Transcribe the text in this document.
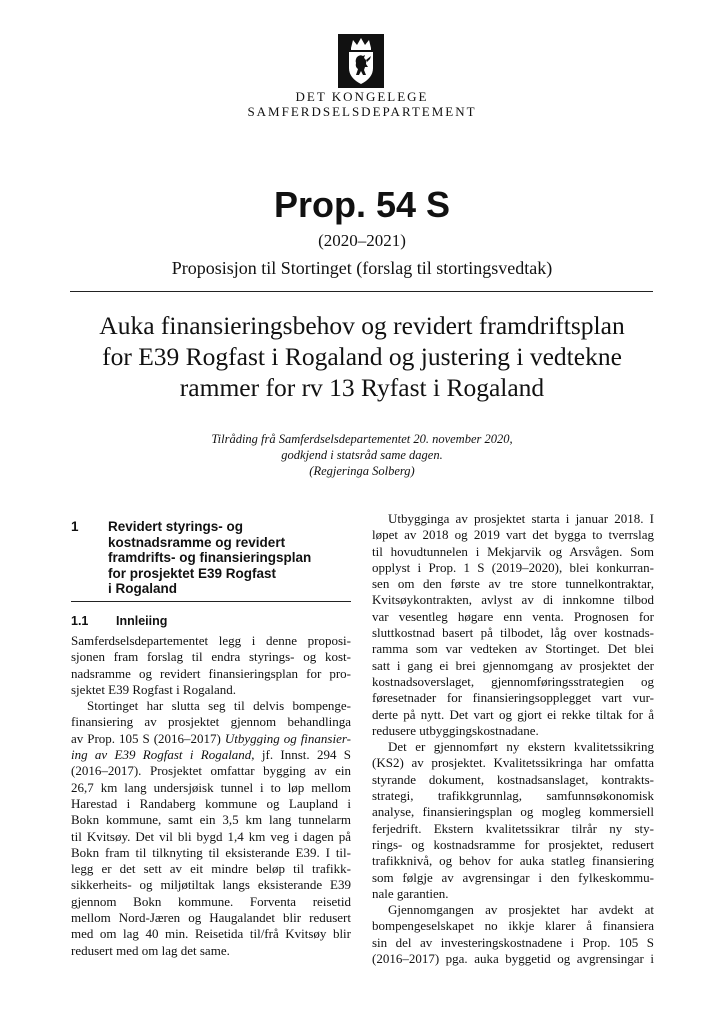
DET KONGELEGE
SAMFERDSELSDEPARTEMENT
Prop. 54 S
(2020–2021)
Proposisjon til Stortinget (forslag til stortingsvedtak)
Auka finansieringsbehov og revidert framdriftsplan
for E39 Rogfast i Rogaland og justering i vedtekne
rammer for rv 13 Ryfast i Rogaland
Tilråding frå Samferdselsdepartementet 20. november 2020,
godkjend i statsråd same dagen.
(Regjeringa Solberg)
1 Revidert styrings- og
kostnadsramme og revidert
framdrifts- og finansieringsplan
for prosjektet E39 Rogfast
i Rogaland
1.1 Innleiing
Samferdselsdepartementet legg i denne proposi-
sjonen fram forslag til endra styrings- og kost-
nadsramme og revidert finansieringsplan for pro-
sjektet E39 Rogfast i Rogaland.
Stortinget har slutta seg til delvis bompenge-
finansiering av prosjektet gjennom behandlinga
av Prop. 105 S (2016–2017) Utbygging og finansier-
ing av E39 Rogfast i Rogaland, jf. Innst. 294 S
(2016–2017). Prosjektet omfattar bygging av ein
26,7 km lang undersjøisk tunnel i to løp mellom
Harestad i Randaberg kommune og Laupland i
Bokn kommune, samt ein 3,5 km lang tunnelarm
til Kvitsøy. Det vil bli bygd 1,4 km veg i dagen på
Bokn fram til tilknyting til eksisterande E39. I til-
legg er det sett av eit mindre beløp til trafikk-
sikkerheits- og miljøtiltak langs eksisterande E39
gjennom Bokn kommune. Forventa reisetid
mellom Nord-Jæren og Haugalandet blir redusert
med om lag 40 min. Reisetida til/frå Kvitsøy blir
redusert med om lag det same.
Utbygginga av prosjektet starta i januar 2018. I
løpet av 2018 og 2019 vart det bygga to tverrslag
til hovudtunnelen i Mekjarvik og Arsvågen. Som
opplyst i Prop. 1 S (2019–2020), blei konkurran-
sen om den første av tre store tunnelkontraktar,
Kvitsøykontrakten, avlyst av di innkomne tilbod
var vesentleg høgare enn venta. Prognosen for
sluttkostnad basert på tilbodet, låg over kostnads-
ramma som var vedteken av Stortinget. Det blei
satt i gang ei brei gjennomgang av prosjektet der
kostnadsoverslaget, gjennomføringsstrategien og
føresetnader for finansieringsopplegget vart vur-
derte på nytt. Det vart og gjort ei rekke tiltak for å
redusere utbyggingskostnadane.
Det er gjennomført ny ekstern kvalitetssikring
(KS2) av prosjektet. Kvalitetssikringa har omfatta
styrande dokument, kostnadsanslaget, kontrakts-
strategi, trafikkgrunnlag, samfunnsøkonomisk
analyse, finansieringsplan og mogleg kommersiell
ferjedrift. Ekstern kvalitetssikrar tilrår ny sty-
rings- og kostnadsramme for prosjektet, redusert
trafikknivå, og behov for auka statleg finansiering
som følgje av avgrensingar i den fylkeskommu-
nale garantien.
Gjennomgangen av prosjektet har avdekt at
bompengeselskapet no ikkje klarer å finansiera
sin del av investeringskostnadene i Prop. 105 S
(2016–2017) pga. auka byggetid og avgrensingar i
